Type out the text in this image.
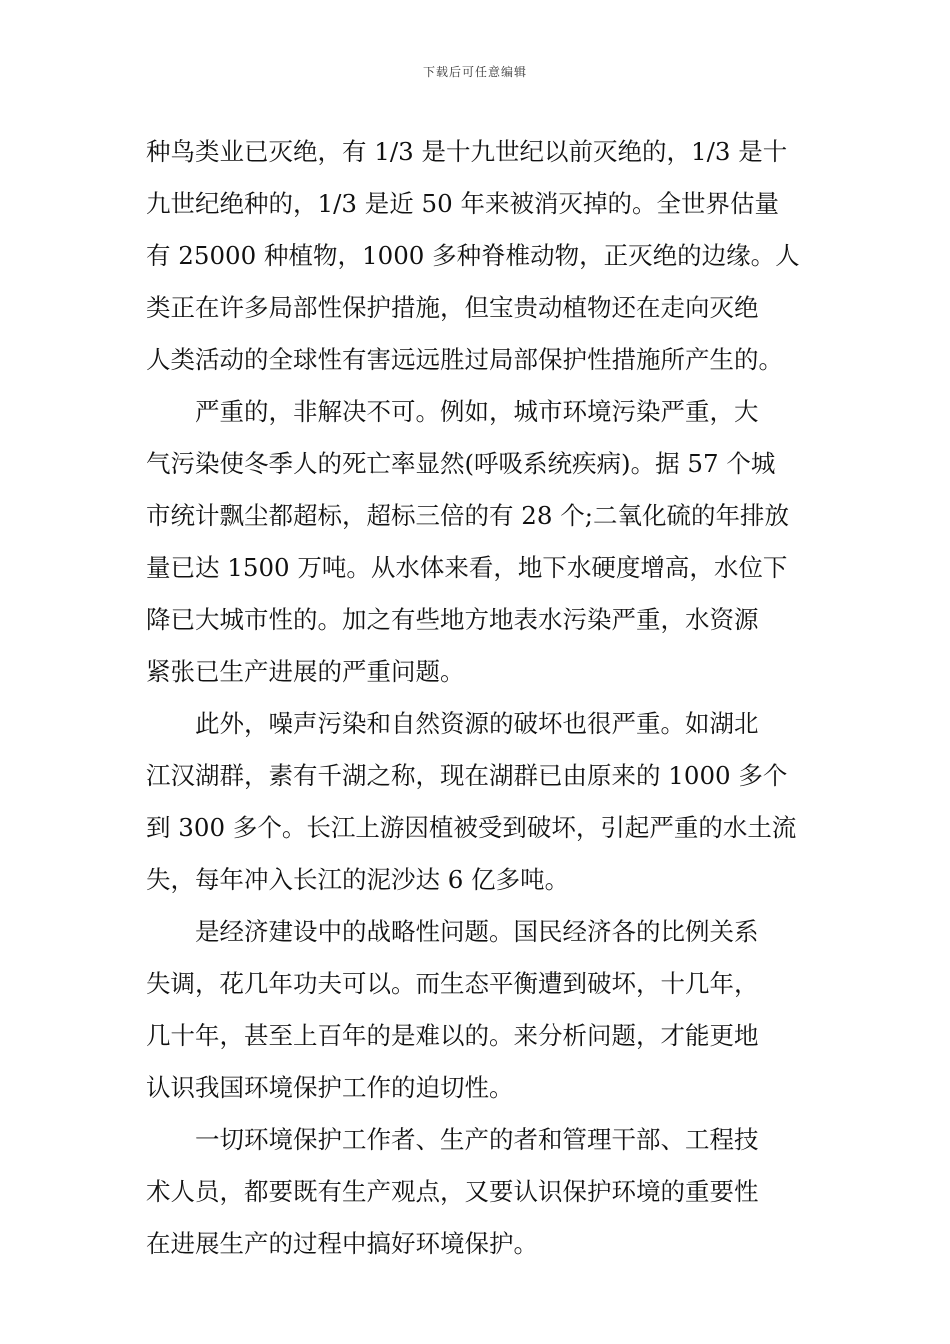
下载后可任意编辑
种鸟类业已灭绝，有 1/3 是十九世纪以前灭绝的，1/3 是十
九世纪绝种的，1/3 是近 50 年来被消灭掉的。全世界估量
有 25000 种植物，1000 多种脊椎动物，正灭绝的边缘。人
类正在许多局部性保护措施，但宝贵动植物还在走向灭绝
人类活动的全球性有害远远胜过局部保护性措施所产生的。
严重的，非解决不可。例如，城市环境污染严重，大
气污染使冬季人的死亡率显然(呼吸系统疾病)。据 57 个城
市统计飘尘都超标，超标三倍的有 28 个;二氧化硫的年排放
量已达 1500 万吨。从水体来看，地下水硬度增高，水位下
降已大城市性的。加之有些地方地表水污染严重，水资源
紧张已生产进展的严重问题。
此外，噪声污染和自然资源的破坏也很严重。如湖北
江汉湖群，素有千湖之称，现在湖群已由原来的 1000 多个
到 300 多个。长江上游因植被受到破坏，引起严重的水土流
失，每年冲入长江的泥沙达 6 亿多吨。
是经济建设中的战略性问题。国民经济各的比例关系
失调，花几年功夫可以。而生态平衡遭到破坏，十几年，
几十年，甚至上百年的是难以的。来分析问题，才能更地
认识我国环境保护工作的迫切性。
一切环境保护工作者、生产的者和管理干部、工程技
术人员，都要既有生产观点，又要认识保护环境的重要性
在进展生产的过程中搞好环境保护。
